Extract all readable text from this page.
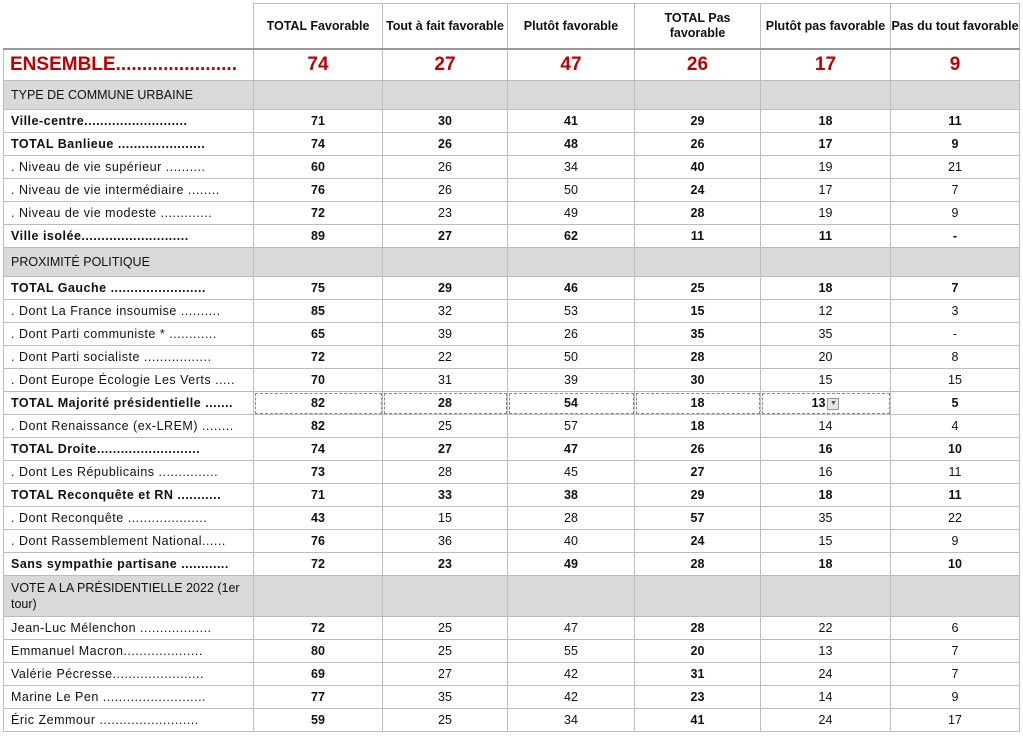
	TOTAL Favorable	Tout à fait favorable	Plutôt favorable	TOTAL Pas favorable	Plutôt pas favorable	Pas du tout favorable
ENSEMBLE.......................	74	27	47	26	17	9
TYPE DE COMMUNE URBAINE						
Ville-centre..........................	71	30	41	29	18	11
TOTAL Banlieue ......................	74	26	48	26	17	9
. Niveau de vie supérieur ..........	60	26	34	40	19	21
. Niveau de vie intermédiaire ........	76	26	50	24	17	7
. Niveau de vie modeste .............	72	23	49	28	19	9
Ville isolée...........................	89	27	62	11	11	-
PROXIMITÉ POLITIQUE						
TOTAL Gauche ........................	75	29	46	25	18	7
. Dont La France insoumise ..........	85	32	53	15	12	3
. Dont Parti communiste * ............	65	39	26	35	35	-
. Dont Parti socialiste .................	72	22	50	28	20	8
. Dont Europe Écologie Les Verts .....	70	31	39	30	15	15
TOTAL Majorité présidentielle .......	82	28	54	18	13 ▼	5
. Dont Renaissance (ex-LREM) ........	82	25	57	18	14	4
TOTAL Droite..........................	74	27	47	26	16	10
. Dont Les Républicains ...............	73	28	45	27	16	11
TOTAL Reconquête et RN ...........	71	33	38	29	18	11
. Dont Reconquête ....................	43	15	28	57	35	22
. Dont Rassemblement National......	76	36	40	24	15	9
Sans sympathie partisane ............	72	23	49	28	18	10
VOTE A LA PRÉSIDENTIELLE 2022 (1er tour)						
Jean-Luc Mélenchon ..................	72	25	47	28	22	6
Emmanuel Macron....................	80	25	55	20	13	7
Valérie Pécresse.......................	69	27	42	31	24	7
Marine Le Pen ..........................	77	35	42	23	14	9
Éric Zemmour .........................	59	25	34	41	24	17
